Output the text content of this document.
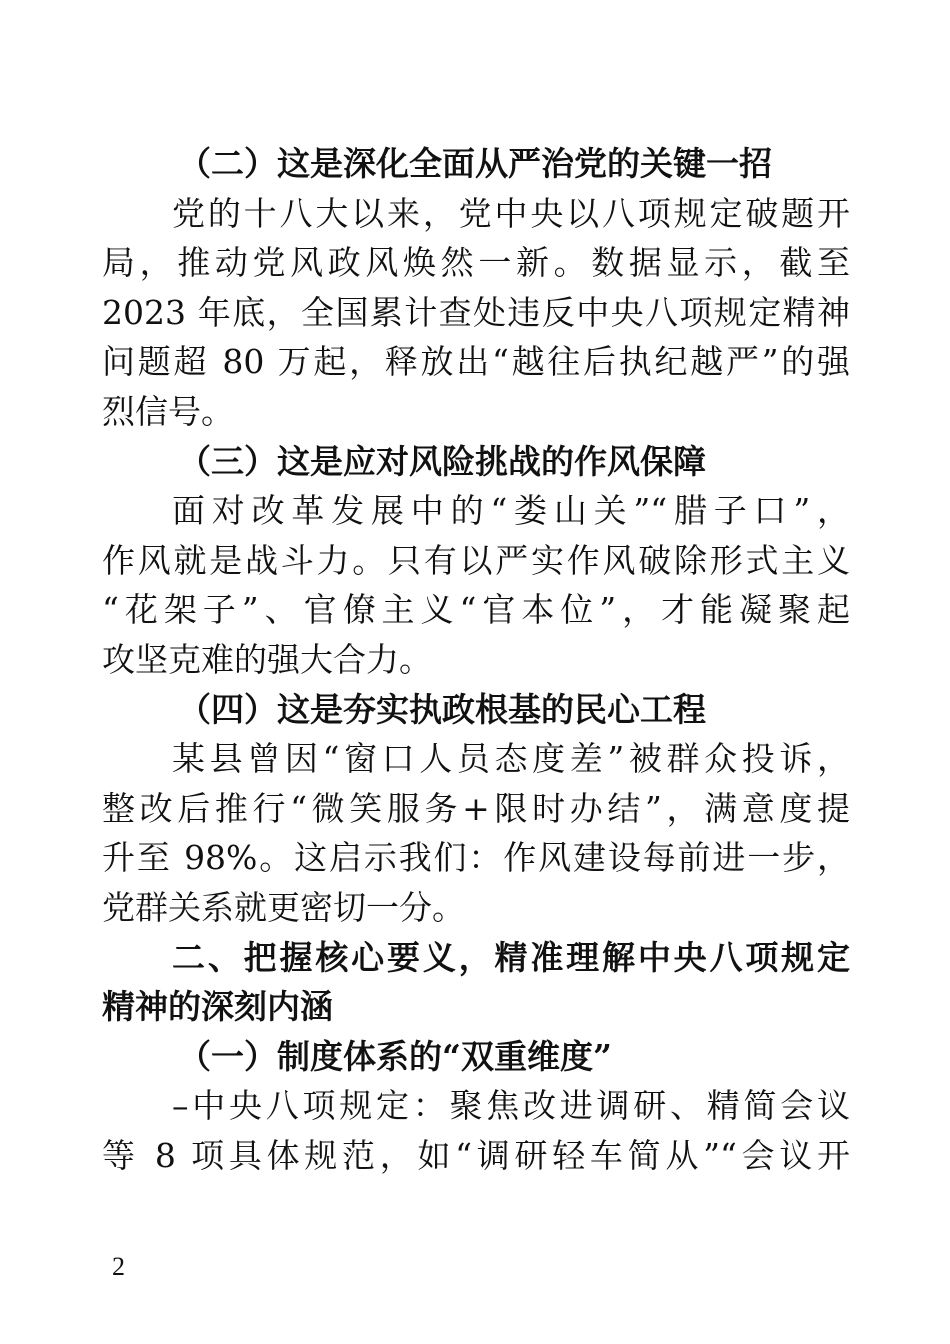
（二）这是深化全面从严治党的关键一招
党的十八大以来，党中央以八项规定破题开
局，推动党风政风焕然一新。数据显示，截至
2023 年底，全国累计查处违反中央八项规定精神
问题超 80 万起，释放出“越往后执纪越严”的强
烈信号。
（三）这是应对风险挑战的作风保障
面对改革发展中的“娄山关”“腊子口”，
作风就是战斗力。只有以严实作风破除形式主义
“花架子”、官僚主义“官本位”，才能凝聚起
攻坚克难的强大合力。
（四）这是夯实执政根基的民心工程
某县曾因“窗口人员态度差”被群众投诉，
整改后推行“微笑服务+限时办结”，满意度提
升至 98%。这启示我们：作风建设每前进一步，
党群关系就更密切一分。
二、把握核心要义，精准理解中央八项规定
精神的深刻内涵
（一）制度体系的“双重维度”
–中央八项规定：聚焦改进调研、精简会议
等 8 项具体规范，如“调研轻车简从”“会议开
2
